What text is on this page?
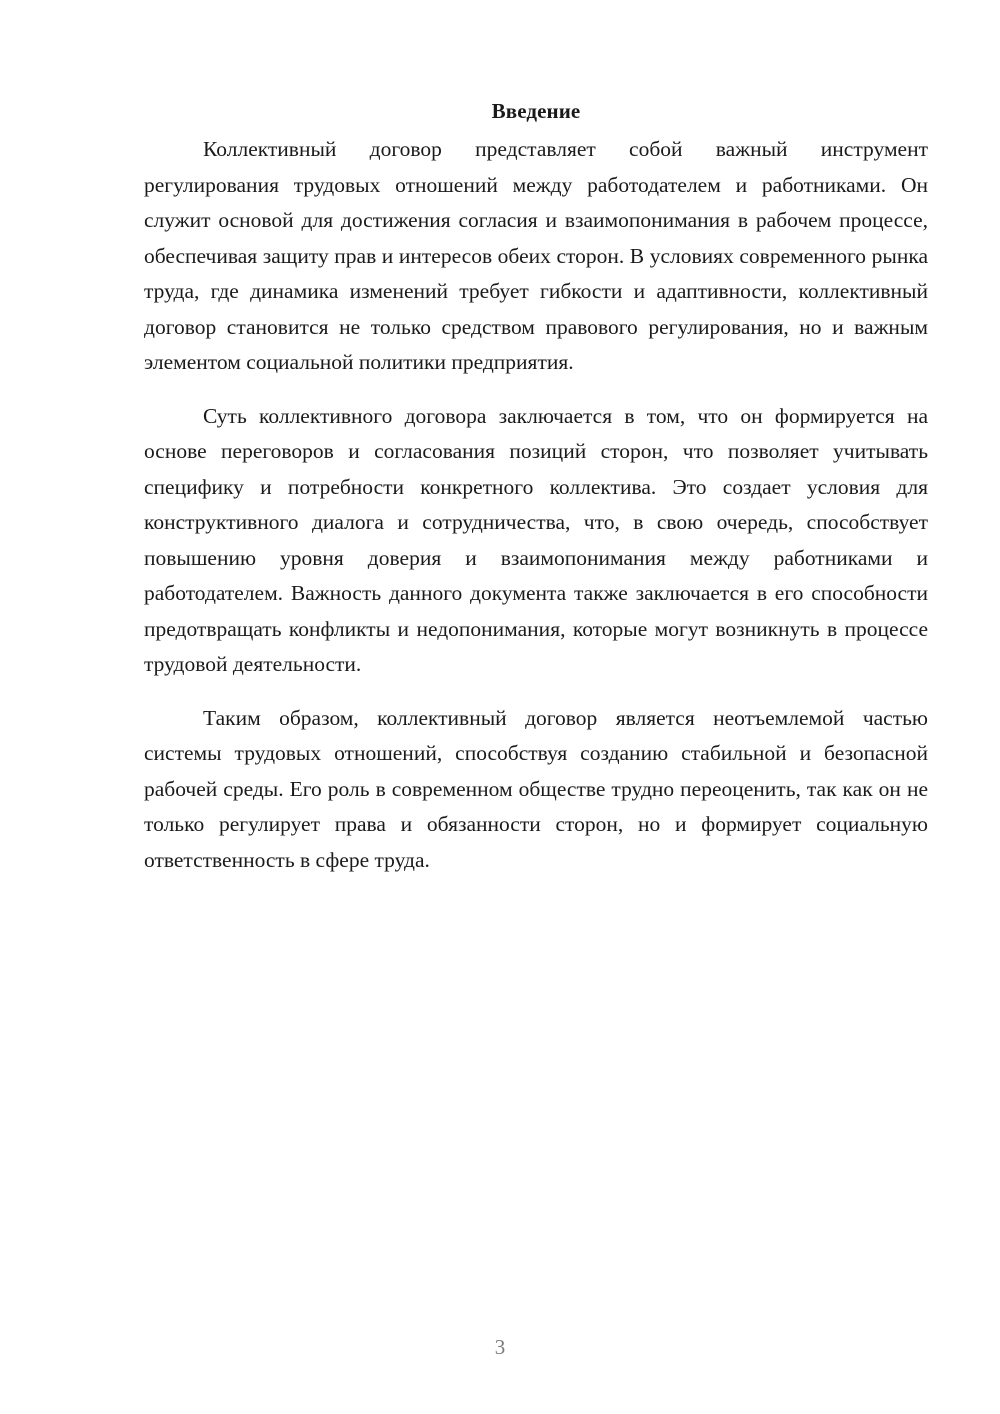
Введение

Коллективный договор представляет собой важный инструмент регулирования трудовых отношений между работодателем и работниками. Он служит основой для достижения согласия и взаимопонимания в рабочем процессе, обеспечивая защиту прав и интересов обеих сторон. В условиях современного рынка труда, где динамика изменений требует гибкости и адаптивности, коллективный договор становится не только средством правового регулирования, но и важным элементом социальной политики предприятия.

Суть коллективного договора заключается в том, что он формируется на основе переговоров и согласования позиций сторон, что позволяет учитывать специфику и потребности конкретного коллектива. Это создает условия для конструктивного диалога и сотрудничества, что, в свою очередь, способствует повышению уровня доверия и взаимопонимания между работниками и работодателем. Важность данного документа также заключается в его способности предотвращать конфликты и недопонимания, которые могут возникнуть в процессе трудовой деятельности.

Таким образом, коллективный договор является неотъемлемой частью системы трудовых отношений, способствуя созданию стабильной и безопасной рабочей среды. Его роль в современном обществе трудно переоценить, так как он не только регулирует права и обязанности сторон, но и формирует социальную ответственность в сфере труда.

3
